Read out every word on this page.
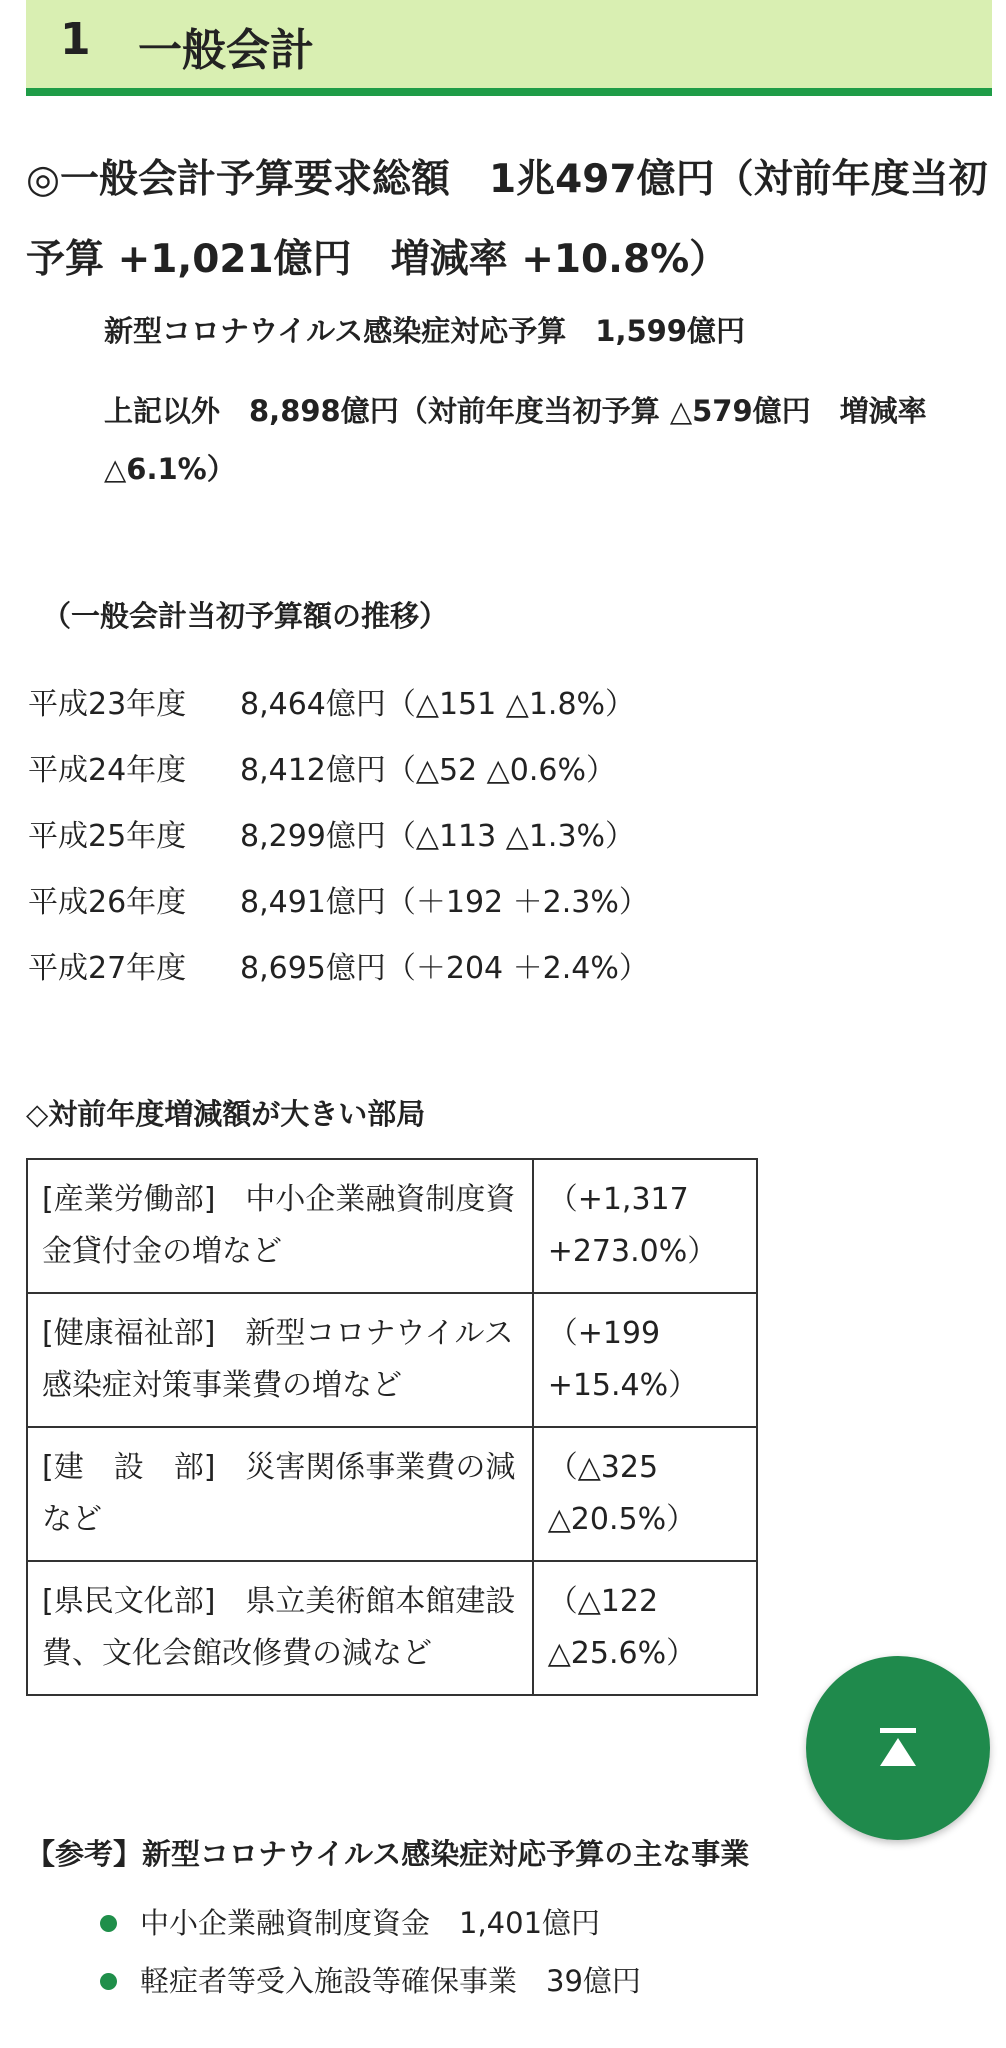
1 一般会計

◎一般会計予算要求総額　1兆497億円（対前年度当初予算 +1,021億円　増減率 +10.8%）

新型コロナウイルス感染症対応予算　1,599億円

上記以外　8,898億円（対前年度当初予算 △579億円　増減率 △6.1%）

（一般会計当初予算額の推移）
平成23年度 8,464億円（△151 △1.8%）
平成24年度 8,412億円（△52 △0.6%）
平成25年度 8,299億円（△113 △1.3%）
平成26年度 8,491億円（＋192 ＋2.3%）
平成27年度 8,695億円（＋204 ＋2.4%）
◇対前年度増減額が大きい部局
[産業労働部]　中小企業融資制度資金貸付金の増など	（+1,317 +273.0%）
[健康福祉部]　新型コロナウイルス感染症対策事業費の増など	（+199 +15.4%）
[建　設　部]　災害関係事業費の減など	（△325 △20.5%）
[県民文化部]　県立美術館本館建設費、文化会館改修費の減など	（△122 △25.6%）
【参考】新型コロナウイルス感染症対応予算の主な事業
中小企業融資制度資金　1,401億円
軽症者等受入施設等確保事業　39億円
